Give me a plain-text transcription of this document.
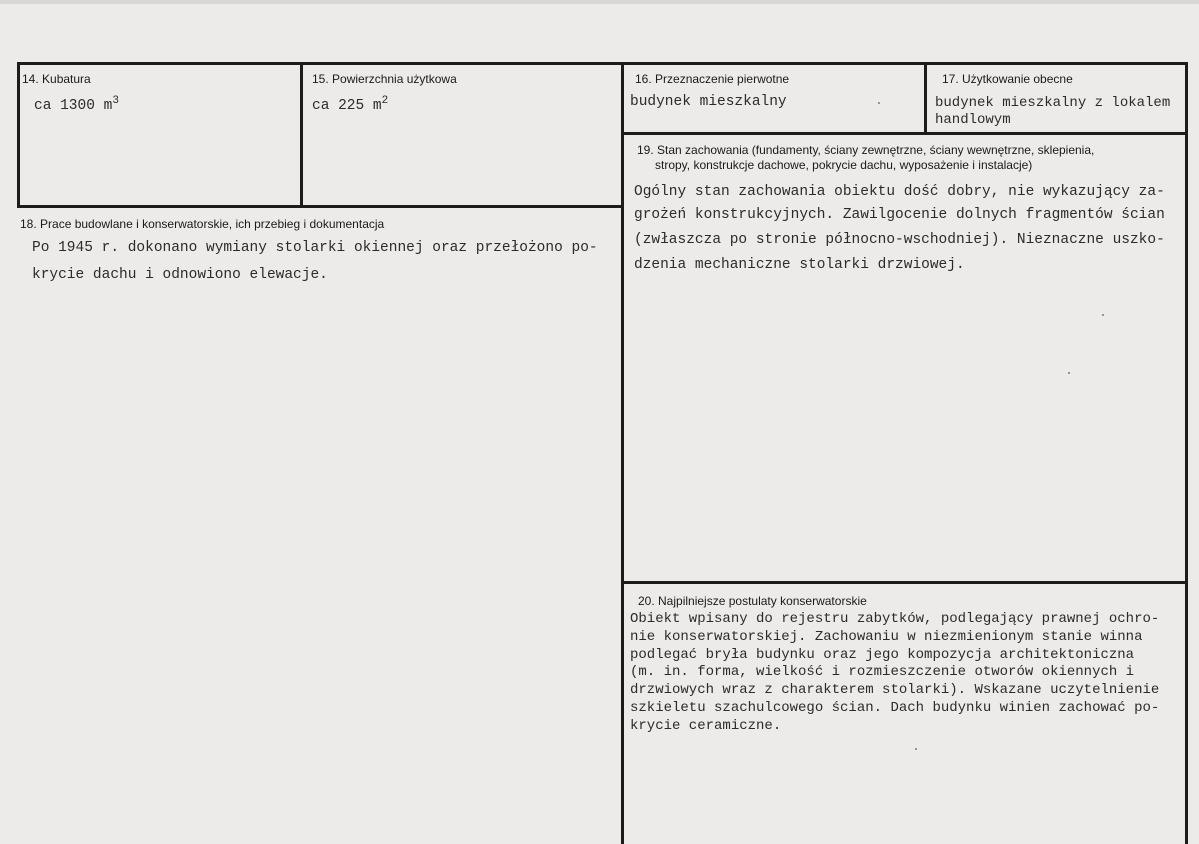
14. Kubatura
ca 1300 $m^3$
15. Powierzchnia użytkowa
ca 225 $m^2$
16. Przeznaczenie pierwotne
budynek mieszkalny
17. Użytkowanie obecne
budynek mieszkalny z lokalem
handlowym
19. Stan zachowania (fundamenty, ściany zewnętrzne, ściany wewnętrzne, sklepienia,
stropy, konstrukcje dachowe, pokrycie dachu, wyposażenie i instalacje)
Ogólny stan zachowania obiektu dość dobry, nie wykazujący za-
grożeń konstrukcyjnych. Zawilgocenie dolnych fragmentów ścian
(zwłaszcza po stronie północno-wschodniej). Nieznaczne uszko-
dzenia mechaniczne stolarki drzwiowej.
18. Prace budowlane i konserwatorskie, ich przebieg i dokumentacja
Po 1945 r. dokonano wymiany stolarki okiennej oraz przełożono po-
krycie dachu i odnowiono elewacje.
20. Najpilniejsze postulaty konserwatorskie
Obiekt wpisany do rejestru zabytków, podlegający prawnej ochro-
nie konserwatorskiej. Zachowaniu w niezmienionym stanie winna
podlegać bryła budynku oraz jego kompozycja architektoniczna
(m. in. forma, wielkość i rozmieszczenie otworów okiennych i
drzwiowych wraz z charakterem stolarki). Wskazane uczytelnienie
szkieletu szachulcowego ścian. Dach budynku winien zachować po-
krycie ceramiczne.
